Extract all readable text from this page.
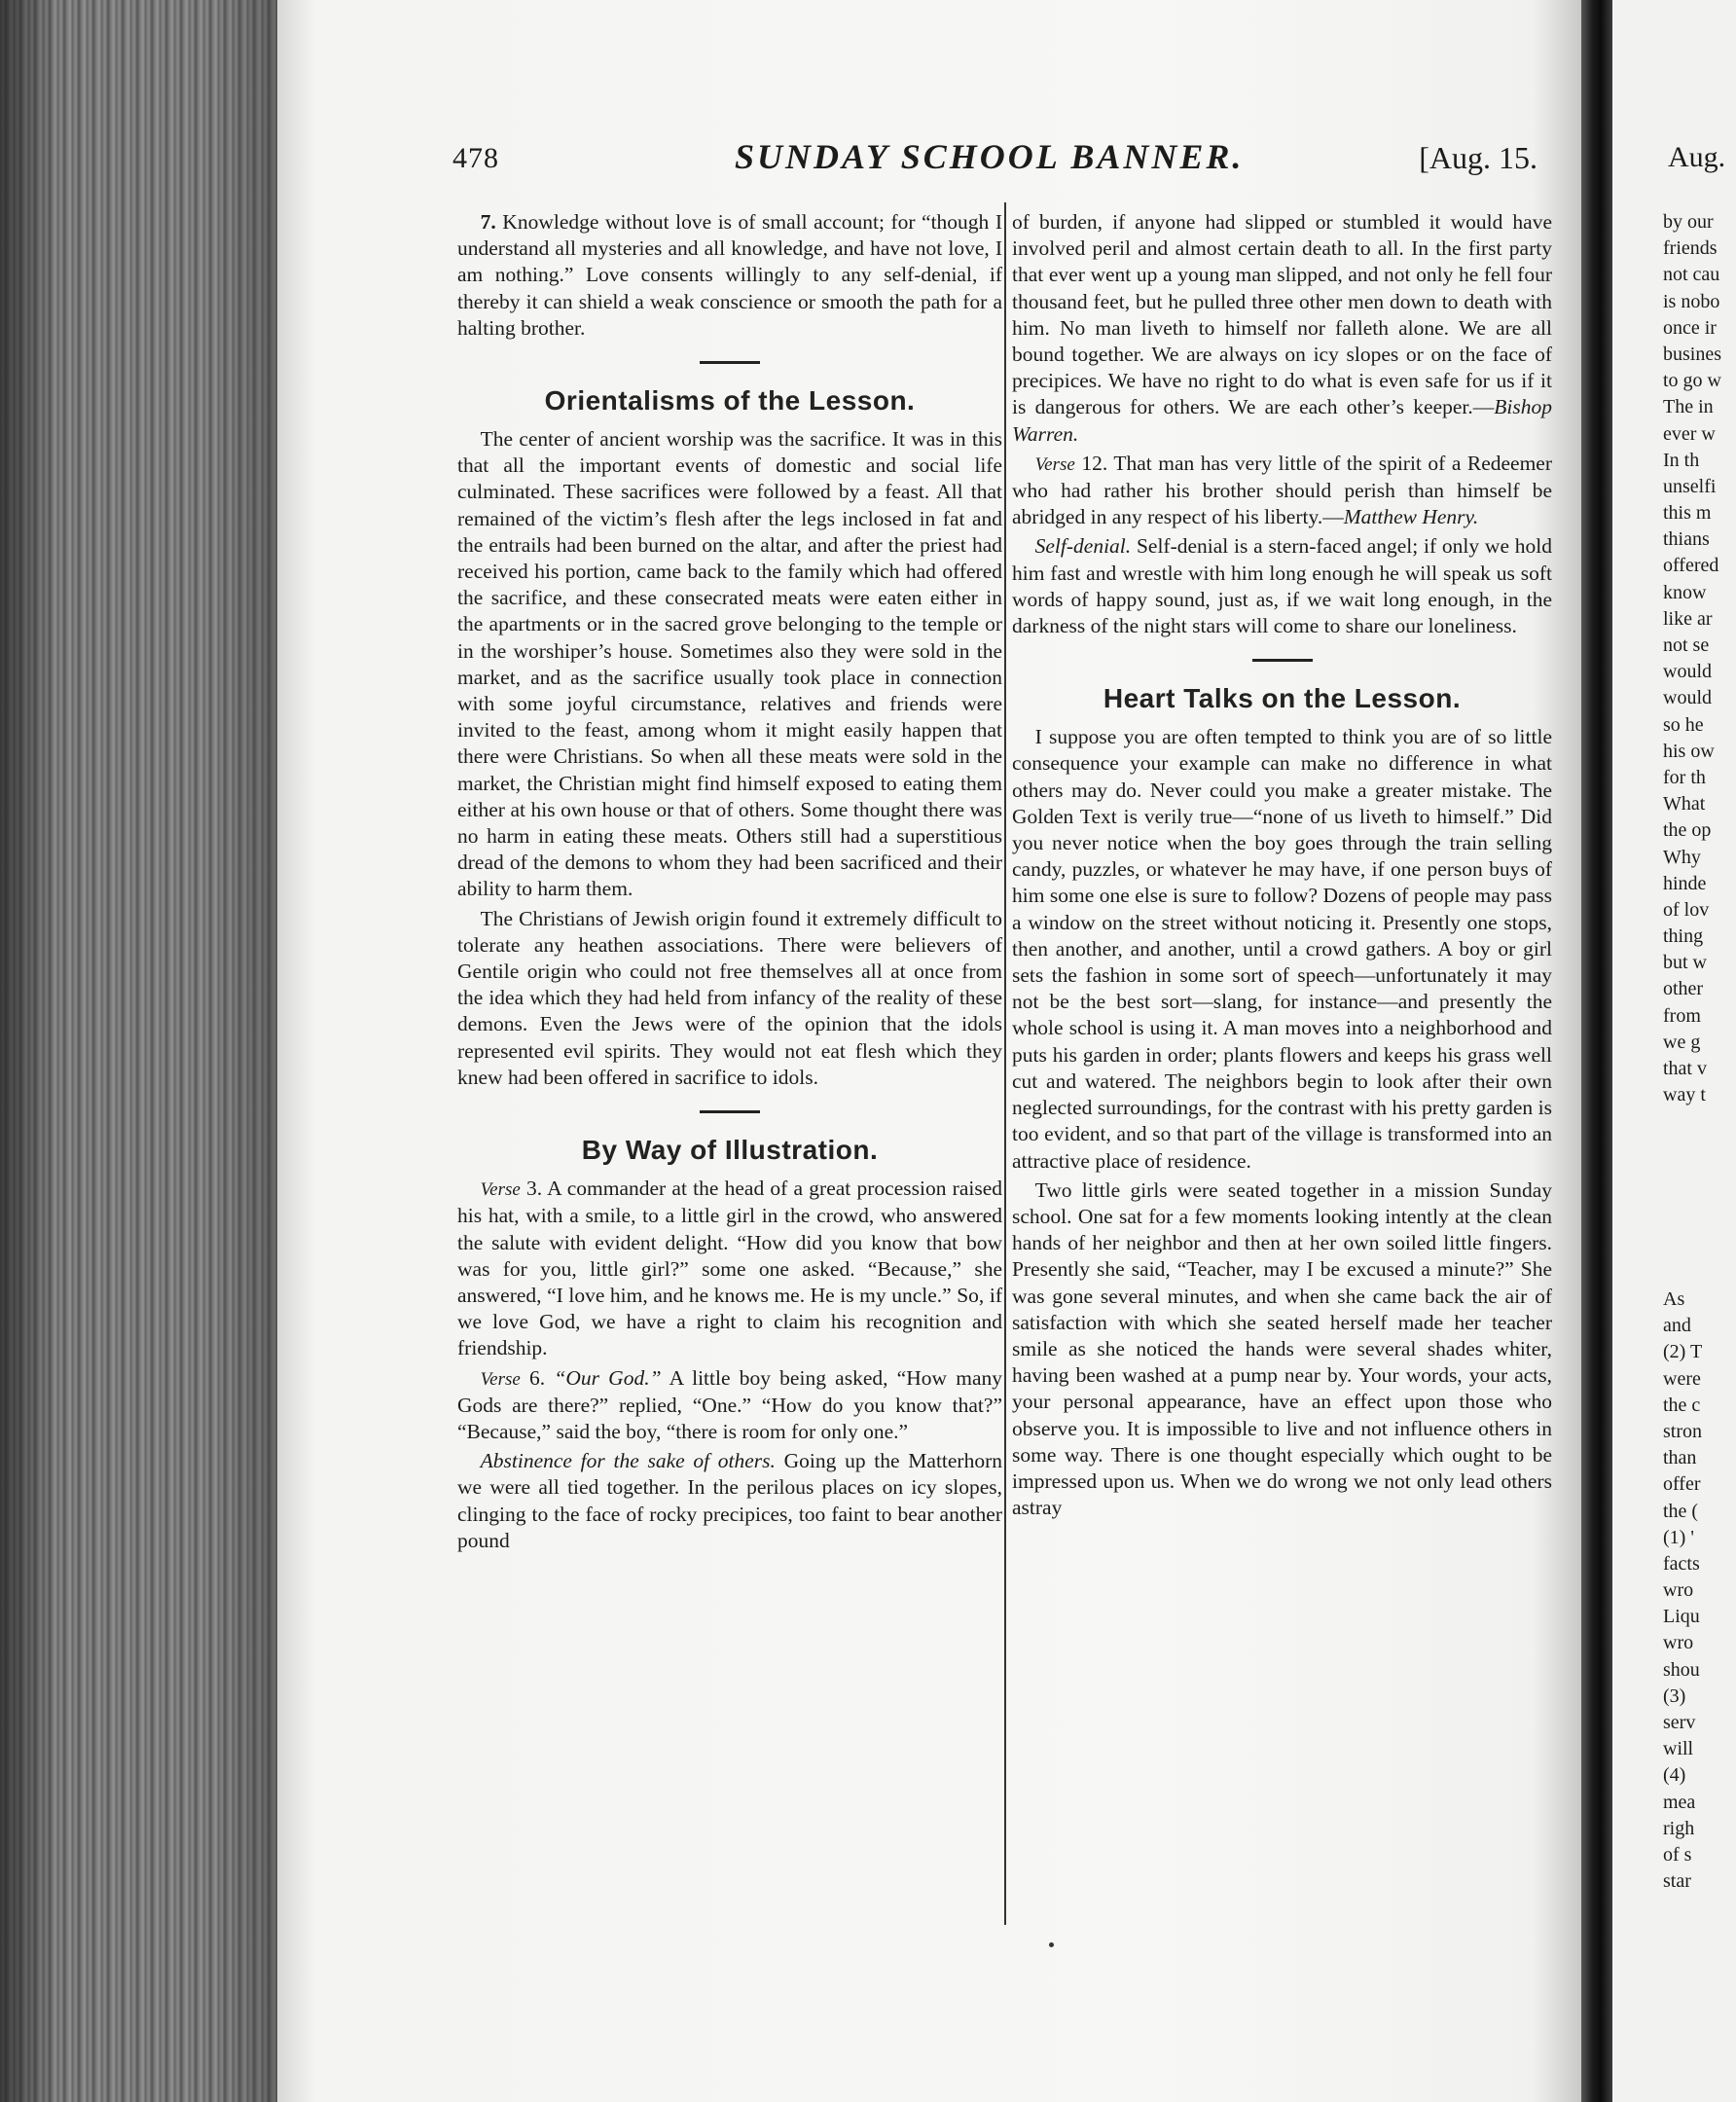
Aug.
by our
friends
not cau
is nobo
once ir
busines
to go w
The in
ever w
In th
unselfi
this m
thians
offered
know
like ar
not se
would
would
so he
his ow
for th
What
the op
Why
hinde
of lov
thing
but w
other
from
we g
that v
way t
As
and
(2) T
were
the c
stron
than
offer
the (
(1) '
facts
wro
Liqu
wro
shou
(3)
serv
will
(4)
mea
righ
of s
star
478	SUNDAY SCHOOL BANNER.	[Aug. 15.

7. Knowledge without love is of small account; for “though I understand all mysteries and all knowledge, and have not love, I am nothing.” Love consents willingly to any self-denial, if thereby it can shield a weak conscience or smooth the path for a halting brother.

Orientalisms of the Lesson.

The center of ancient worship was the sacrifice. It was in this that all the important events of domestic and social life culminated. These sacrifices were followed by a feast. All that remained of the victim’s flesh after the legs inclosed in fat and the entrails had been burned on the altar, and after the priest had received his portion, came back to the family which had offered the sacrifice, and these consecrated meats were eaten either in the apartments or in the sacred grove belonging to the temple or in the worshiper’s house. Sometimes also they were sold in the market, and as the sacrifice usually took place in connection with some joyful circumstance, relatives and friends were invited to the feast, among whom it might easily happen that there were Christians. So when all these meats were sold in the market, the Christian might find himself exposed to eating them either at his own house or that of others. Some thought there was no harm in eating these meats. Others still had a superstitious dread of the demons to whom they had been sacrificed and their ability to harm them.

The Christians of Jewish origin found it extremely difficult to tolerate any heathen associations. There were believers of Gentile origin who could not free themselves all at once from the idea which they had held from infancy of the reality of these demons. Even the Jews were of the opinion that the idols represented evil spirits. They would not eat flesh which they knew had been offered in sacrifice to idols.

By Way of Illustration.

Verse 3. A commander at the head of a great procession raised his hat, with a smile, to a little girl in the crowd, who answered the salute with evident delight. “How did you know that bow was for you, little girl?” some one asked. “Because,” she answered, “I love him, and he knows me. He is my uncle.” So, if we love God, we have a right to claim his recognition and friendship.

Verse 6. “Our God.” A little boy being asked, “How many Gods are there?” replied, “One.” “How do you know that?” “Because,” said the boy, “there is room for only one.”

Abstinence for the sake of others. Going up the Matterhorn we were all tied together. In the perilous places on icy slopes, clinging to the face of rocky precipices, too faint to bear another pound

of burden, if anyone had slipped or stumbled it would have involved peril and almost certain death to all. In the first party that ever went up a young man slipped, and not only he fell four thousand feet, but he pulled three other men down to death with him. No man liveth to himself nor falleth alone. We are all bound together. We are always on icy slopes or on the face of precipices. We have no right to do what is even safe for us if it is dangerous for others. We are each other’s keeper.—Bishop Warren.

Verse 12. That man has very little of the spirit of a Redeemer who had rather his brother should perish than himself be abridged in any respect of his liberty.—Matthew Henry.

Self-denial. Self-denial is a stern-faced angel; if only we hold him fast and wrestle with him long enough he will speak us soft words of happy sound, just as, if we wait long enough, in the darkness of the night stars will come to share our loneliness.

Heart Talks on the Lesson.

I suppose you are often tempted to think you are of so little consequence your example can make no difference in what others may do. Never could you make a greater mistake. The Golden Text is verily true—“none of us liveth to himself.” Did you never notice when the boy goes through the train selling candy, puzzles, or whatever he may have, if one person buys of him some one else is sure to follow? Dozens of people may pass a window on the street without noticing it. Presently one stops, then another, and another, until a crowd gathers. A boy or girl sets the fashion in some sort of speech—unfortunately it may not be the best sort—slang, for instance—and presently the whole school is using it. A man moves into a neighborhood and puts his garden in order; plants flowers and keeps his grass well cut and watered. The neighbors begin to look after their own neglected surroundings, for the contrast with his pretty garden is too evident, and so that part of the village is transformed into an attractive place of residence.

Two little girls were seated together in a mission Sunday school. One sat for a few moments looking intently at the clean hands of her neighbor and then at her own soiled little fingers. Presently she said, “Teacher, may I be excused a minute?” She was gone several minutes, and when she came back the air of satisfaction with which she seated herself made her teacher smile as she noticed the hands were several shades whiter, having been washed at a pump near by. Your words, your acts, your personal appearance, have an effect upon those who observe you. It is impossible to live and not influence others in some way. There is one thought especially which ought to be impressed upon us. When we do wrong we not only lead others astray
